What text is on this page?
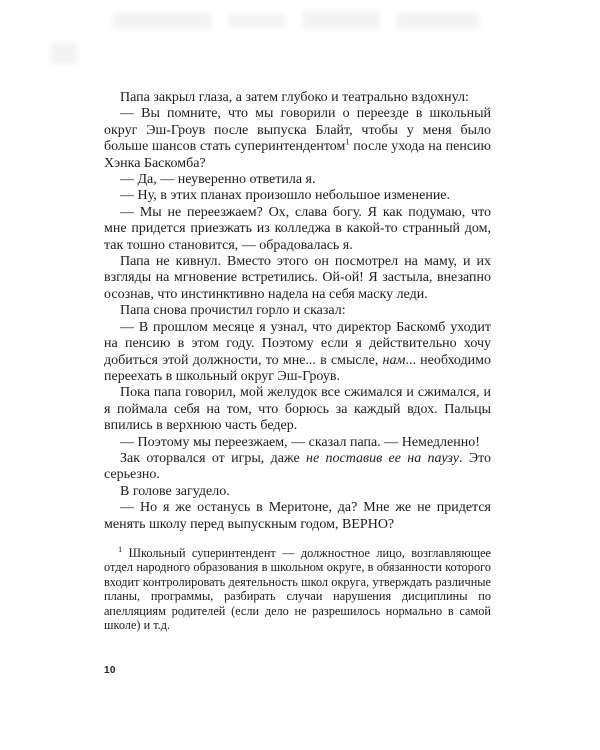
Папа закрыл глаза, а затем глубоко и театрально вздохнул:

— Вы помните, что мы говорили о переезде в школьный округ Эш-Гроув после выпуска Блайт, чтобы у меня было больше шансов стать суперинтендентом$^1$ после ухода на пенсию Хэнка Баскомба?

— Да, — неуверенно ответила я.

— Ну, в этих планах произошло небольшое изменение.

— Мы не переезжаем? Ох, слава богу. Я как подумаю, что мне придется приезжать из колледжа в какой-то странный дом, так тошно становится, — обрадовалась я.

Папа не кивнул. Вместо этого он посмотрел на маму, и их взгляды на мгновение встретились. Ой-ой! Я застыла, внезапно осознав, что инстинктивно надела на себя маску леди.

Папа снова прочистил горло и сказал:

— В прошлом месяце я узнал, что директор Баскомб уходит на пенсию в этом году. Поэтому если я действительно хочу добиться этой должности, то мне... в смысле, нам... необходимо переехать в школьный округ Эш-Гроув.

Пока папа говорил, мой желудок все сжимался и сжимался, и я поймала себя на том, что борюсь за каждый вдох. Пальцы впились в верхнюю часть бедер.

— Поэтому мы переезжаем, — сказал папа. — Немедленно!

Зак оторвался от игры, даже не поставив ее на паузу. Это серьезно.

В голове загудело.

— Но я же останусь в Меритоне, да? Мне же не придется менять школу перед выпускным годом, ВЕРНО?

$^1$ Школьный суперинтендент — должностное лицо, возглавляющее отдел народного образования в школьном округе, в обязанности которого входит контролировать деятельность школ округа, утверждать различные планы, программы, разбирать случаи нарушения дисциплины по апелляциям родителей (если дело не разрешилось нормально в самой школе) и т.д.
10
